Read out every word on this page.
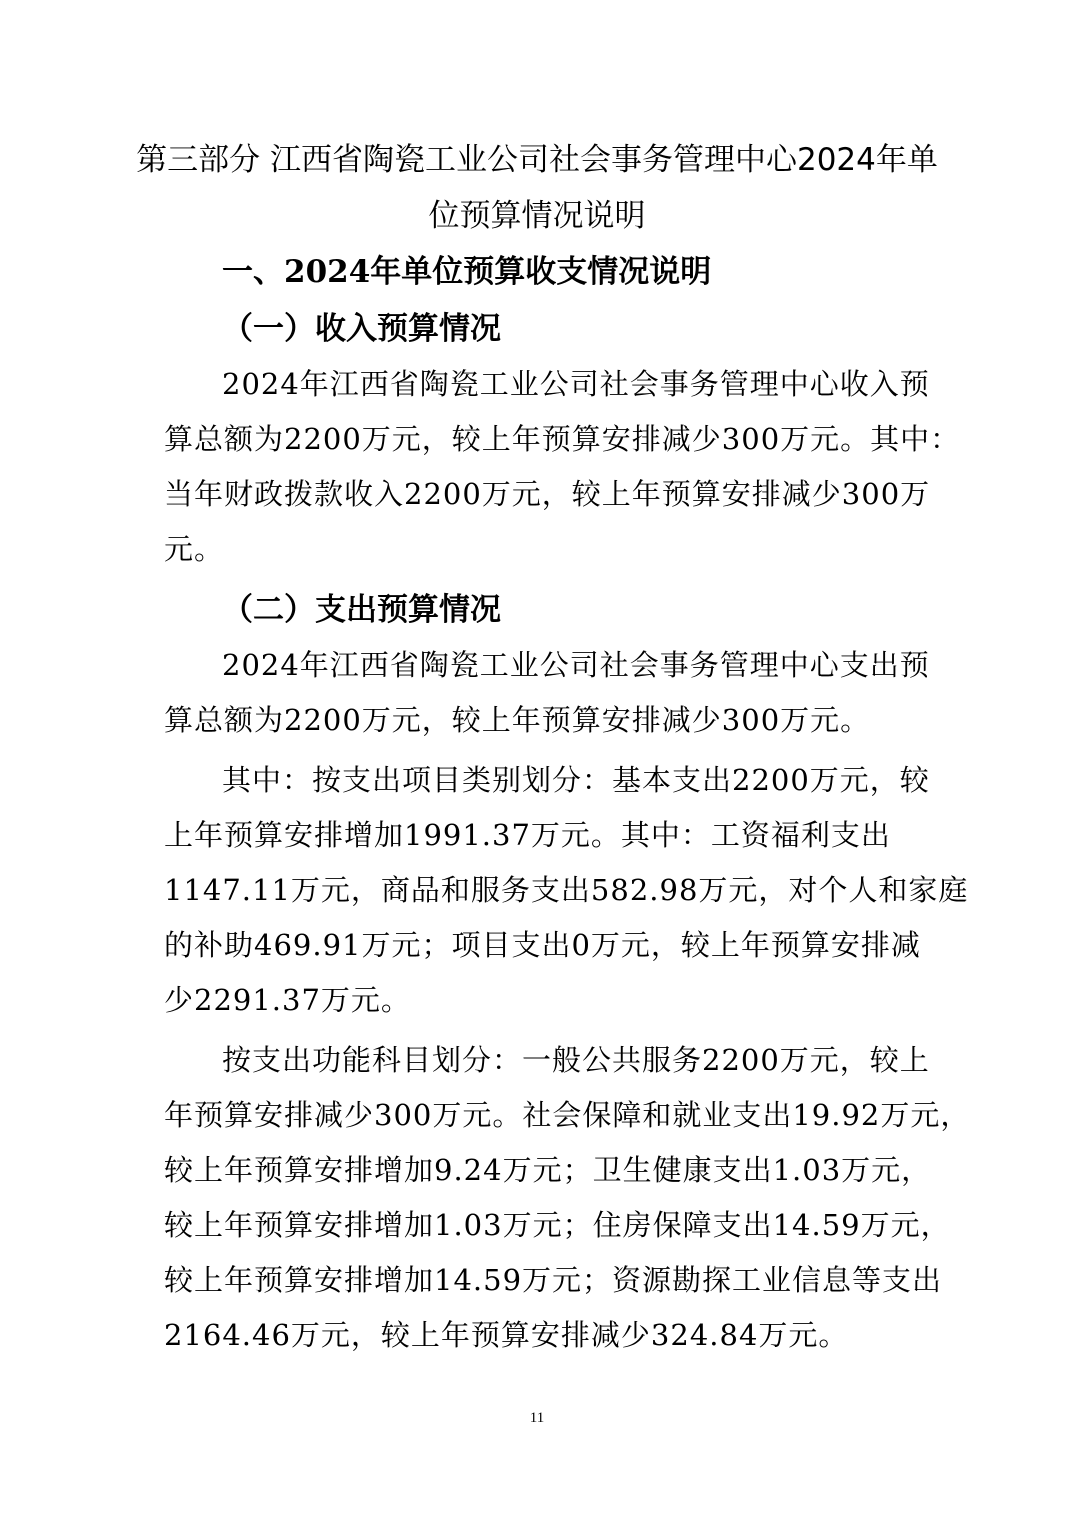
第三部分 江西省陶瓷工业公司社会事务管理中心2024年单
位预算情况说明
一、2024年单位预算收支情况说明
（一）收入预算情况
2024年江西省陶瓷工业公司社会事务管理中心收入预
算总额为2200万元，较上年预算安排减少300万元。其中：
当年财政拨款收入2200万元，较上年预算安排减少300万
元。
（二）支出预算情况
2024年江西省陶瓷工业公司社会事务管理中心支出预
算总额为2200万元，较上年预算安排减少300万元。
其中：按支出项目类别划分：基本支出2200万元，较
上年预算安排增加1991.37万元。其中：工资福利支出
1147.11万元，商品和服务支出582.98万元，对个人和家庭
的补助469.91万元；项目支出0万元，较上年预算安排减
少2291.37万元。
按支出功能科目划分：一般公共服务2200万元，较上
年预算安排减少300万元。社会保障和就业支出19.92万元，
较上年预算安排增加9.24万元；卫生健康支出1.03万元，
较上年预算安排增加1.03万元；住房保障支出14.59万元，
较上年预算安排增加14.59万元；资源勘探工业信息等支出
2164.46万元，较上年预算安排减少324.84万元。
11
